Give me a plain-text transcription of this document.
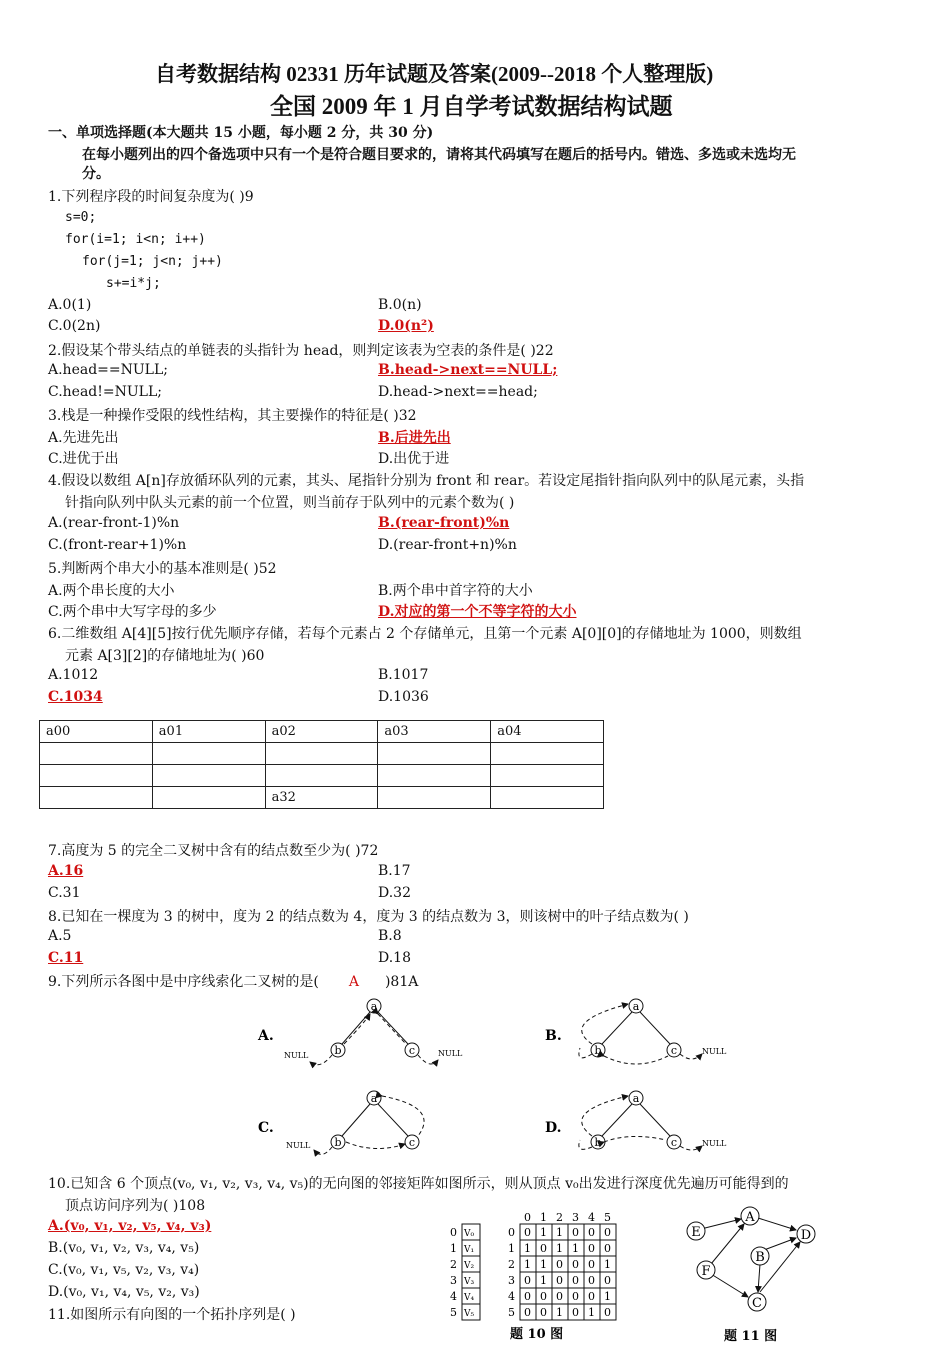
自考数据结构 02331 历年试题及答案(2009--2018 个人整理版)
全国 2009 年 1 月自学考试数据结构试题
一、单项选择题(本大题共 15 小题，每小题 2 分，共 30 分)
在每小题列出的四个备选项中只有一个是符合题目要求的，请将其代码填写在题后的括号内。错选、多选或未选均无
分。
1.下列程序段的时间复杂度为( )9
s=0;
for(i=1; i<n; i++)
for(j=1; j<n; j++)
s+=i*j;
A.0(1)	B.0(n)
C.0(2n)	D.0(n²)
2.假设某个带头结点的单链表的头指针为 head，则判定该表为空表的条件是( )22
A.head==NULL;	B.head->next==NULL;
C.head!=NULL;	D.head->next==head;
3.栈是一种操作受限的线性结构，其主要操作的特征是( )32
A.先进先出	B.后进先出
C.进优于出	D.出优于进
4.假设以数组 A[n]存放循环队列的元素，其头、尾指针分别为 front 和 rear。若设定尾指针指向队列中的队尾元素，头指
针指向队列中队头元素的前一个位置，则当前存于队列中的元素个数为( )
A.(rear-front-1)%n	B.(rear-front)%n
C.(front-rear+1)%n	D.(rear-front+n)%n
5.判断两个串大小的基本准则是( )52
A.两个串长度的大小	B.两个串中首字符的大小
C.两个串中大写字母的多少	D.对应的第一个不等字符的大小
6.二维数组 A[4][5]按行优先顺序存储，若每个元素占 2 个存储单元，且第一个元素 A[0][0]的存储地址为 1000，则数组
元素 A[3][2]的存储地址为( )60
A.1012	B.1017
C.1034	D.1036
a00	a01	a02	a03	a04

		a32		
7.高度为 5 的完全二叉树中含有的结点数至少为( )72
A.16	B.17
C.31	D.32
8.已知在一棵度为 3 的树中，度为 2 的结点数为 4，度为 3 的结点数为 3，则该树中的叶子结点数为( )
A.5	B.8
C.11	D.18
9.下列所示各图中是中序线索化二叉树的是( A )81A
A.
a
b	c
NULL	NULL
B.
a
b	c	NULL
C.
a
b	c
NULL
D.
a
b	c	NULL
10.已知含 6 个顶点(v₀, v₁, v₂, v₃, v₄, v₅)的无向图的邻接矩阵如图所示，则从顶点 v₀出发进行深度优先遍历可能得到的
顶点访问序列为( )108
A.(v₀, v₁, v₂, v₅, v₄, v₃)
B.(v₀, v₁, v₂, v₃, v₄, v₅)
C.(v₀, v₁, v₅, v₂, v₃, v₄)
D.(v₀, v₁, v₄, v₅, v₂, v₃)
11.如图所示有向图的一个拓扑序列是( )
0 V₀
1 V₁
2 V₂
3 V₃
4 V₄
5 V₅
0 1 2 3 4 5
0 0 1 1 0 0 0
1 1 0 1 1 0 0
2 1 1 0 0 0 1
3 0 1 0 0 0 0
4 0 0 0 0 0 1
5 0 0 1 0 1 0
题 10 图
A
B
C
D
E
F
题 11 图
